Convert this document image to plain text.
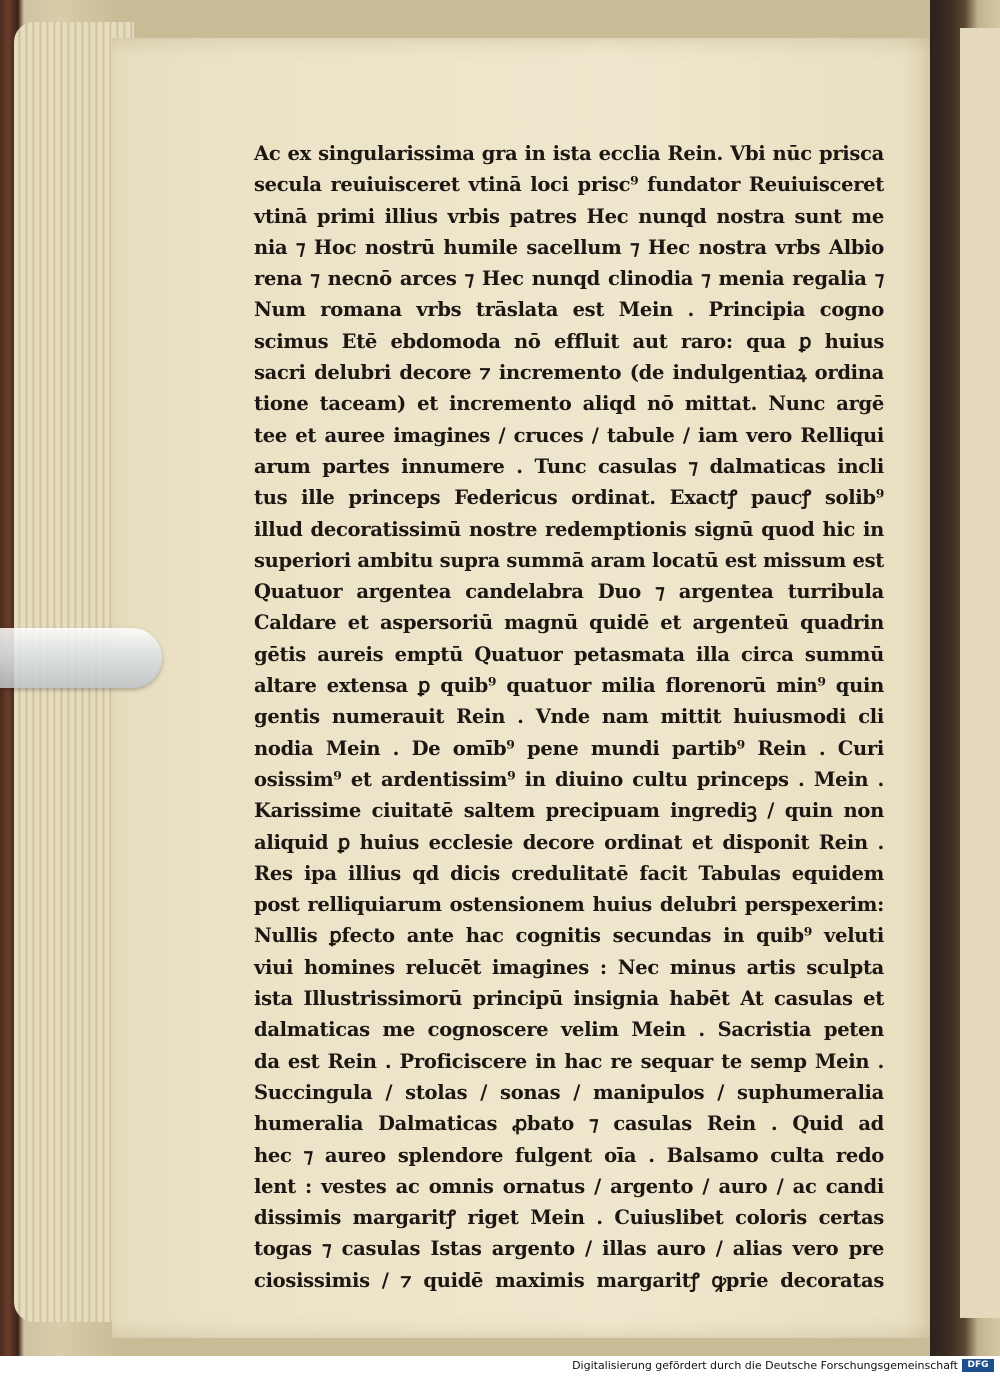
Ac ex singularissima gra in ista ecclia Rein. Vbi nūc prisca
secula reuiuisceret vtinā loci prisc⁹ fundator Reuiuisceret
vtinā primi illius vrbis patres Hec nunqd nostra sunt me
nia ⁊ Hoc nostrū humile sacellum ⁊ Hec nostra vrbs Albio
rena ⁊ necnō arces ⁊ Hec nunqd clinodia ⁊ menia regalia ⁊
Num romana vrbs trāslata est Mein . Principia cogno
scimus Etē ebdomoda nō effluit aut raro: qua ꝑ huius
sacri delubri decore ⁊ incremento (de indulgentiaꝝ ordina
tione taceam) et incremento aliqd nō mittat. Nunc argē
tee et auree imagines / cruces / tabule / iam vero Relliqui
arum partes innumere . Tunc casulas ⁊ dalmaticas incli
tus ille princeps Federicus ordinat. Exactꝭ paucꝭ solib⁹
illud decoratissimū nostre redemptionis signū quod hic in
superiori ambitu supra summā aram locatū est missum est
Quatuor argentea candelabra Duo ⁊ argentea turribula
Caldare et aspersoriū magnū quidē et argenteū quadrin
gētis aureis emptū Quatuor petasmata illa circa summū
altare extensa ꝑ quib⁹ quatuor milia florenorū min⁹ quin
gentis numerauit Rein . Vnde nam mittit huiusmodi cli
nodia Mein . De omīb⁹ pene mundi partib⁹ Rein . Curi
osissim⁹ et ardentissim⁹ in diuino cultu princeps . Mein .
Karissime ciuitatē saltem precipuam ingrediꝫ / quin non
aliquid ꝑ huius ecclesie decore ordinat et disponit Rein .
Res ipa illius qd dicis credulitatē facit Tabulas equidem
post relliquiarum ostensionem huius delubri perspexerim:
Nullis ꝑfecto ante hac cognitis secundas in quib⁹ veluti
viui homines relucēt imagines : Nec minus artis sculpta
ista Illustrissimorū principū insignia habēt At casulas et
dalmaticas me cognoscere velim Mein . Sacristia peten
da est Rein . Proficiscere in hac re sequar te semp Mein .
Succingula / stolas / sonas / manipulos / suphumeralia
humeralia Dalmaticas ꝓbato ⁊ casulas Rein . Quid ad
hec ⁊ aureo splendore fulgent oīa . Balsamo culta redo
lent : vestes ac omnis ornatus / argento / auro / ac candi
dissimis margaritꝭ riget Mein . Cuiuslibet coloris certas
togas ⁊ casulas Istas argento / illas auro / alias vero pre
ciosissimis / ⁊ quidē maximis margaritꝭ ꝙprie decoratas
Digitalisierung gefördert durch die Deutsche Forschungsgemeinschaft	DFG
